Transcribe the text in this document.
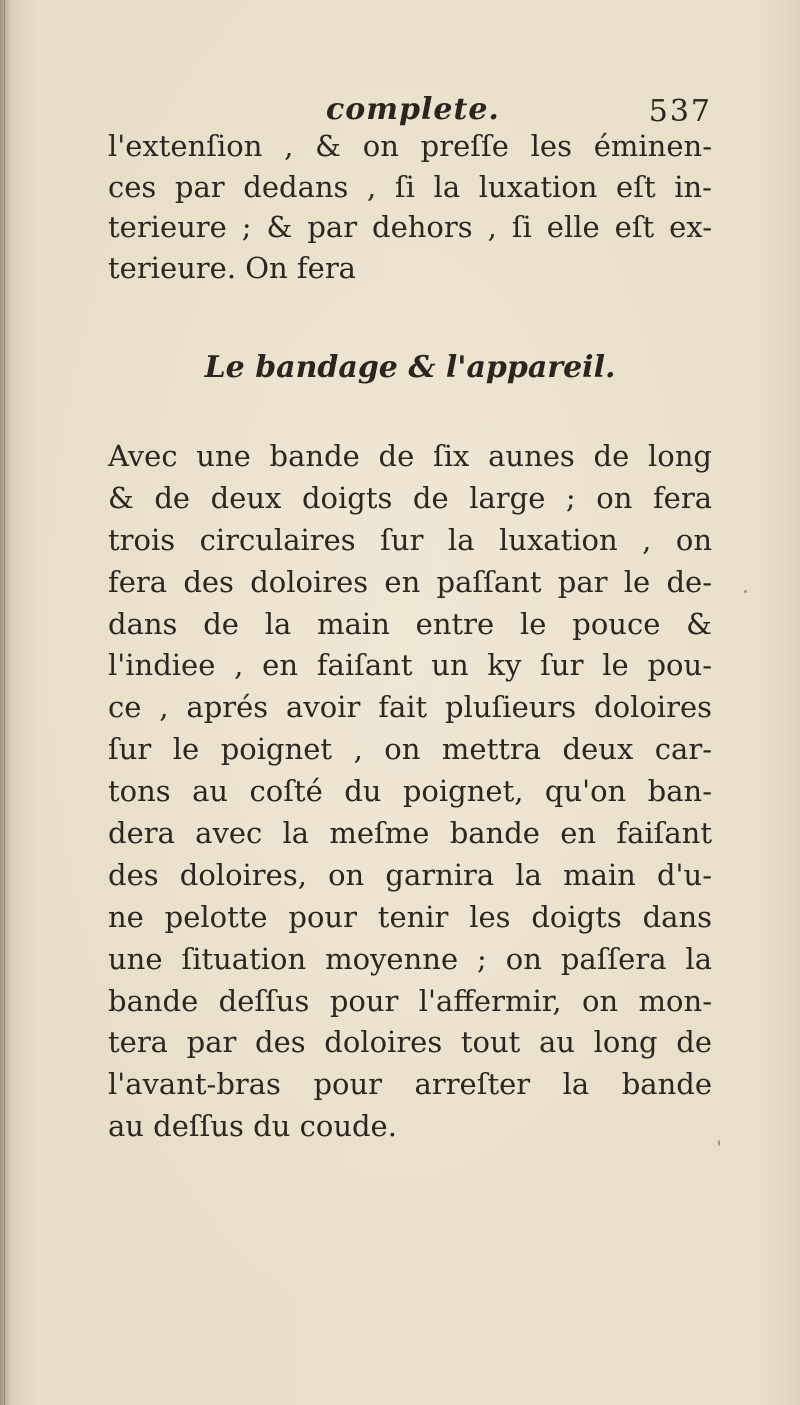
complete.	537
l'extenſion , & on preſſe les éminen-
ces par dedans , ſi la luxation eſt in-
terieure ; & par dehors , ſi elle eſt ex-
terieure. On fera
Le bandage & l'appareil.
Avec une bande de ſix aunes de long
& de deux doigts de large ; on fera
trois circulaires ſur la luxation , on
fera des doloires en paſſant par le de-
dans de la main entre le pouce &
l'indiee , en faiſant un ky ſur le pou-
ce , aprés avoir fait pluſieurs doloires
ſur le poignet , on mettra deux car-
tons au coſté du poignet, qu'on ban-
dera avec la meſme bande en faiſant
des doloires, on garnira la main d'u-
ne pelotte pour tenir les doigts dans
une ſituation moyenne ; on paſſera la
bande deſſus pour l'affermir, on mon-
tera par des doloires tout au long de
l'avant-bras pour arreſter la bande
au deſſus du coude.
